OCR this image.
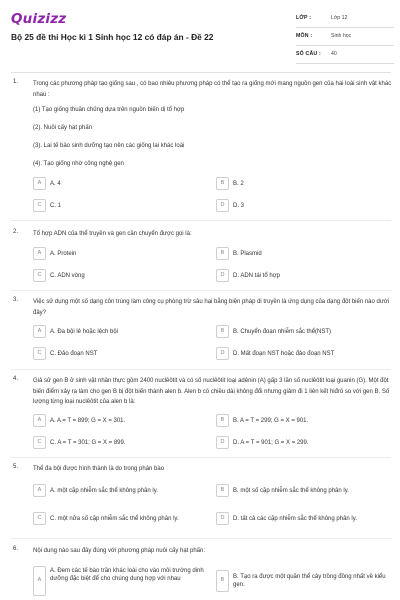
Quizizz
Bộ 25 đề thi Học kì 1 Sinh học 12 có đáp án - Đề 22
LỚP :	Lớp 12
MÔN :	Sinh học
SỐ CÂU : 40
1. Trong các phương pháp tạo giống sau , có bao nhiêu phương pháp có thể tạo ra giống mới mang nguồn gen của hai loài sinh vật khác nhau :
(1) Tạo giống thuần chủng dựa trên nguồn biến dị tổ hợp
(2). Nuôi cấy hạt phấn
(3). Lai tế bào sinh dưỡng tạo nên các giống lai khác loài
(4). Tạo giống nhờ công nghệ gen
A	A. 4	B	B. 2
C	C. 1	D	D. 3
2. Tổ hợp ADN của thể truyền và gen cần chuyển được gọi là:
A	A. Protein	B	B. Plasmid
C	C. ADN vòng	D	D. ADN tái tổ hợp
3. Việc sử dụng một số dạng côn trùng làm công cụ phòng trừ sâu hại bằng biện pháp di truyền là ứng dụng của dạng đột biến nào dưới đây?
A	A. Đa bội lẻ hoặc lệch bội	B	B. Chuyển đoạn nhiễm sắc thể(NST)
C	C. Đảo đoạn NST	D	D. Mất đoạn NST hoặc đảo đoạn NST
4. Giả sử gen B ở sinh vật nhân thực gồm 2400 nuclêôtit và có số nuclêôtit loại adênin (A) gấp 3 lần số nuclêôtit loại guanin (G). Một đột biến điểm xảy ra làm cho gen B bị đột biến thành alen b. Alen b có chiều dài không đổi nhưng giảm đi 1 liên kết hiđrô so với gen B. Số lượng từng loại nuclêôtit của alen b là:
A	A. A = T = 899; G = X = 301.	B	B. A = T = 299; G = X = 901.
C	C. A = T = 301; G = X = 899.	D	D. A = T = 901; G = X = 299.
5. Thể đa bội được hình thành là do trong phân bào
A	A. một cặp nhiễm sắc thể không phân ly.	B	B. một số cặp nhiễm sắc thể không phân ly.
C	C. một nửa số cặp nhiễm sắc thể không phân ly.	D	D. tất cả các cặp nhiễm sắc thể không phân ly.
6. Nội dung nào sau đây đúng với phương pháp nuôi cấy hạt phấn:
A
A. Đem các tế bào trần khác loài cho vào môi trường dinh dưỡng đặc biệt để cho chúng dung hợp với nhau	B	B. Tạo ra được một quần thể cây trồng đồng nhất về kiểu gen.
